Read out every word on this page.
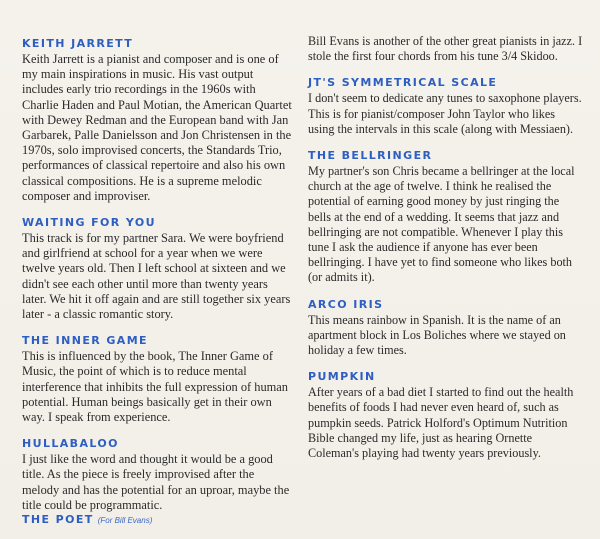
KEITH JARRETT

Keith Jarrett is a pianist and composer and is one of my main inspirations in music. His vast output includes early trio recordings in the 1960s with Charlie Haden and Paul Motian, the American Quartet with Dewey Redman and the European band with Jan Garbarek, Palle Danielsson and Jon Christensen in the 1970s, solo improvised concerts, the Standards Trio, performances of classical repertoire and also his own classical compositions. He is a supreme melodic composer and improviser.

WAITING FOR YOU

This track is for my partner Sara. We were boyfriend and girlfriend at school for a year when we were twelve years old. Then I left school at sixteen and we didn't see each other until more than twenty years later. We hit it off again and are still together six years later - a classic romantic story.

THE INNER GAME

This is influenced by the book, The Inner Game of Music, the point of which is to reduce mental interference that inhibits the full expression of human potential. Human beings basically get in their own way. I speak from experience.

HULLABALOO

I just like the word and thought it would be a good title. As the piece is freely improvised after the melody and has the potential for an uproar, maybe the title could be programmatic.

THE POET (For Bill Evans)

Bill Evans is another of the other great pianists in jazz. I stole the first four chords from his tune 3/4 Skidoo.

JT'S SYMMETRICAL SCALE

I don't seem to dedicate any tunes to saxophone players. This is for pianist/composer John Taylor who likes using the intervals in this scale (along with Messiaen).

THE BELLRINGER

My partner's son Chris became a bellringer at the local church at the age of twelve. I think he realised the potential of earning good money by just ringing the bells at the end of a wedding. It seems that jazz and bellringing are not compatible. Whenever I play this tune I ask the audience if anyone has ever been bellringing. I have yet to find someone who likes both (or admits it).

ARCO IRIS

This means rainbow in Spanish. It is the name of an apartment block in Los Boliches where we stayed on holiday a few times.

PUMPKIN

After years of a bad diet I started to find out the health benefits of foods I had never even heard of, such as pumpkin seeds. Patrick Holford's Optimum Nutrition Bible changed my life, just as hearing Ornette Coleman's playing had twenty years previously.
